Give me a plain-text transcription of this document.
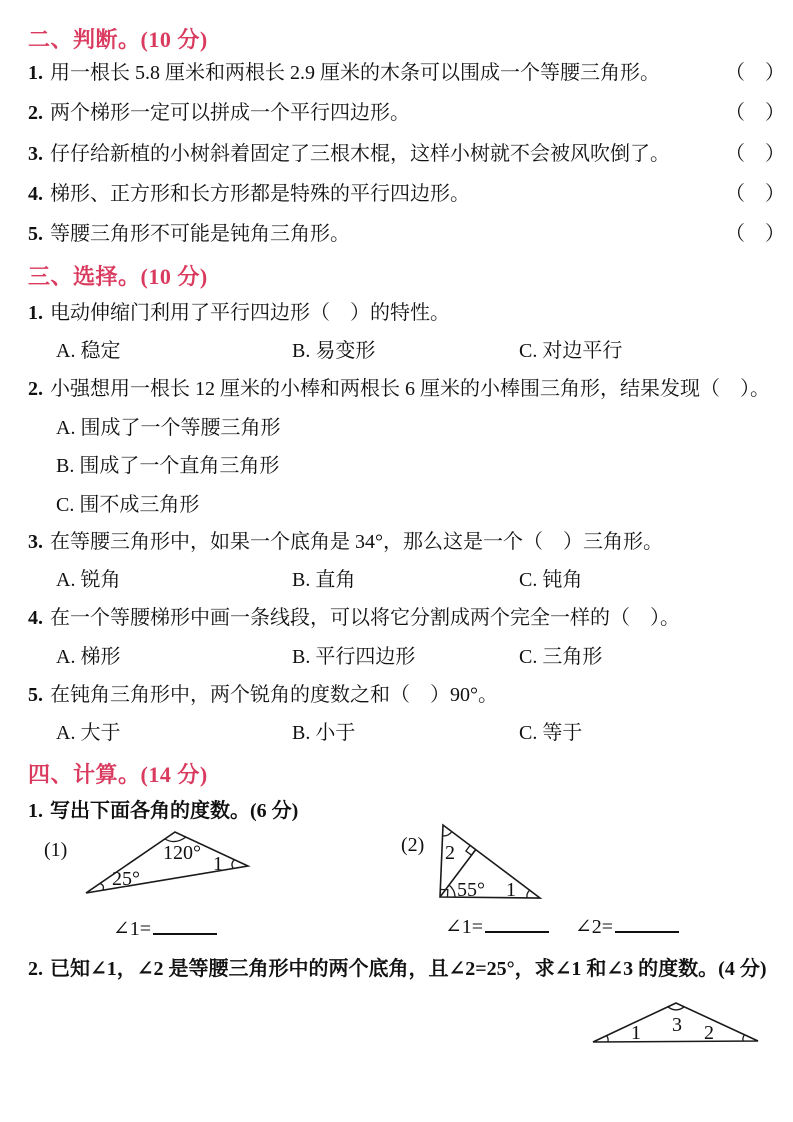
二、判断。(10 分)
1. 用一根长 5.8 厘米和两根长 2.9 厘米的木条可以围成一个等腰三角形。	（　）
2. 两个梯形一定可以拼成一个平行四边形。	（　）
3. 仔仔给新植的小树斜着固定了三根木棍，这样小树就不会被风吹倒了。	（　）
4. 梯形、正方形和长方形都是特殊的平行四边形。	（　）
5. 等腰三角形不可能是钝角三角形。	（　）
三、选择。(10 分)
1. 电动伸缩门利用了平行四边形（　）的特性。
A. 稳定	B. 易变形	C. 对边平行
2. 小强想用一根长 12 厘米的小棒和两根长 6 厘米的小棒围三角形，结果发现（　）。
A. 围成了一个等腰三角形
B. 围成了一个直角三角形
C. 围不成三角形
3. 在等腰三角形中，如果一个底角是 34°，那么这是一个（　）三角形。
A. 锐角	B. 直角	C. 钝角
4. 在一个等腰梯形中画一条线段，可以将它分割成两个完全一样的（　）。
A. 梯形	B. 平行四边形	C. 三角形
5. 在钝角三角形中，两个锐角的度数之和（　）90°。
A. 大于	B. 小于	C. 等于
四、计算。(14 分)
1. 写出下面各角的度数。(6 分)
(1)	120°
25°
1
(2) 2
55° 1
∠1=	∠1=	∠2=
2. 已知∠1，∠2 是等腰三角形中的两个底角，且∠2=25°，求∠1 和∠3 的度数。(4 分)
1 3 2
